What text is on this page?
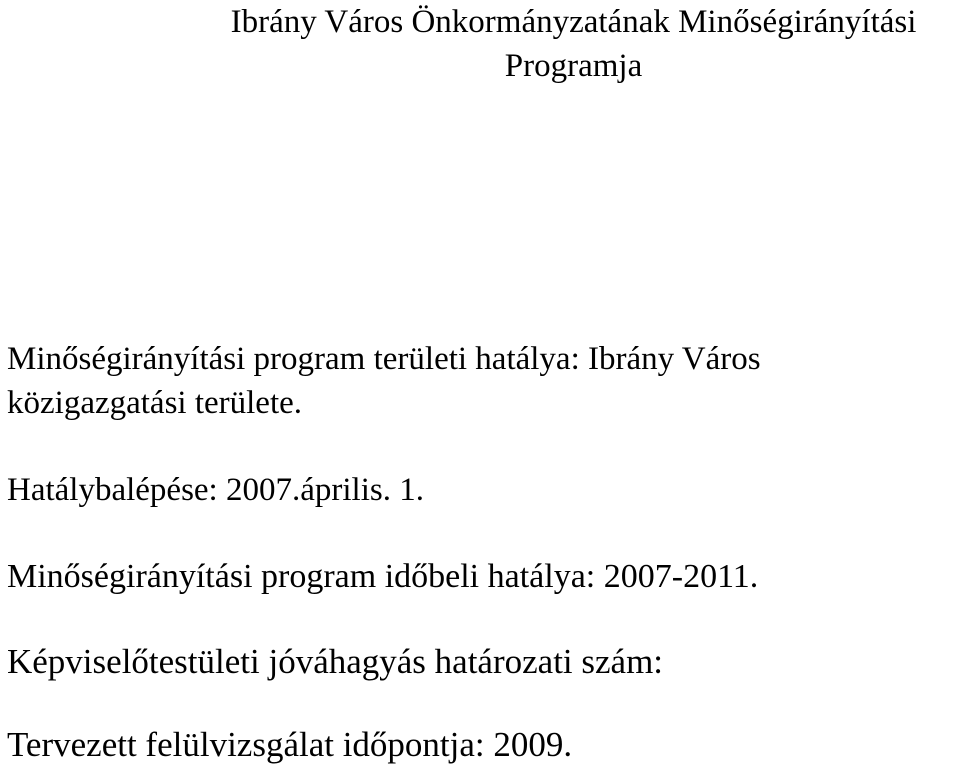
Ibrány Város Önkormányzatának Minőségirányítási
Programja
Minőségirányítási program területi hatálya: Ibrány Város
közigazgatási területe.
Hatálybalépése: 2007.április. 1.
Minőségirányítási program időbeli hatálya: 2007-2011.
Képviselőtestületi jóváhagyás határozati szám:
Tervezett felülvizsgálat időpontja: 2009.
